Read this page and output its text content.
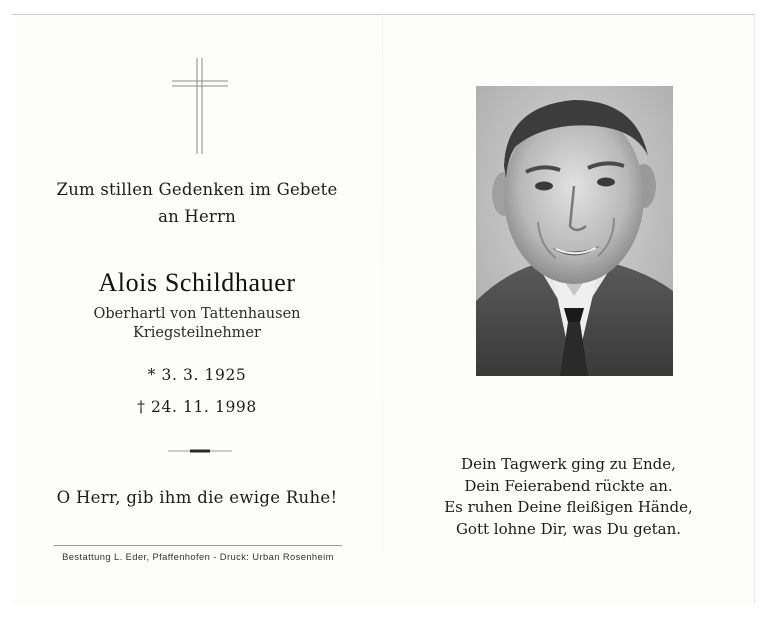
Zum stillen Gedenken im Gebete
an Herrn
Alois Schildhauer
Oberhartl von Tattenhausen
Kriegsteilnehmer
* 3. 3. 1925
† 24. 11. 1998
O Herr, gib ihm die ewige Ruhe!
Bestattung L. Eder, Pfaffenhofen - Druck: Urban Rosenheim
Dein Tagwerk ging zu Ende,
Dein Feierabend rückte an.
Es ruhen Deine fleißigen Hände,
Gott lohne Dir, was Du getan.
